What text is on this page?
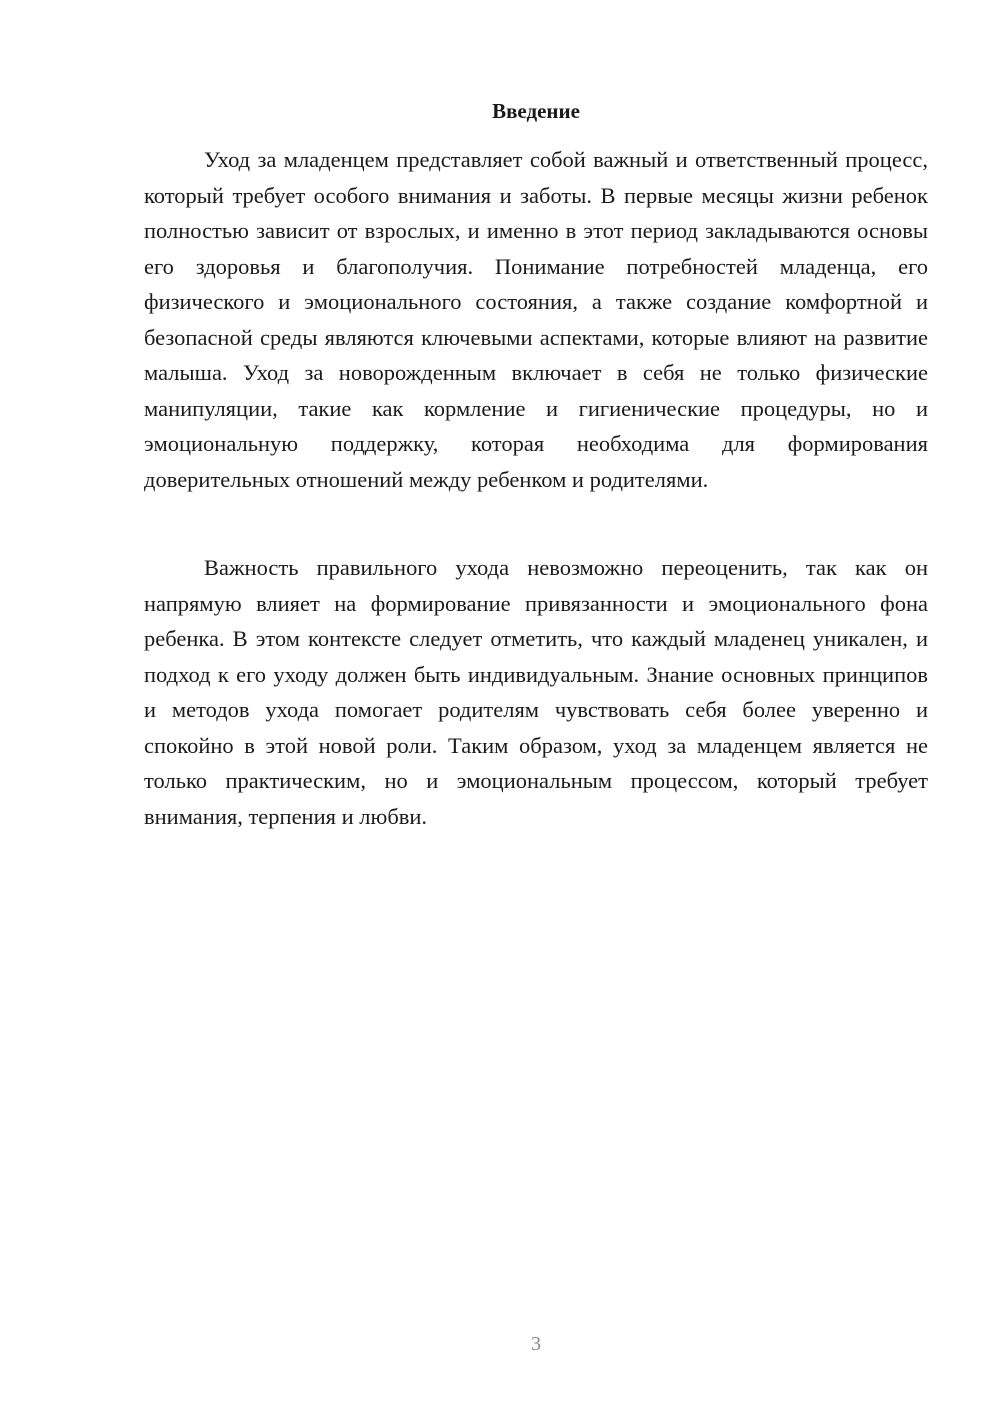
Введение

Уход за младенцем представляет собой важный и ответственный процесс, который требует особого внимания и заботы. В первые месяцы жизни ребенок полностью зависит от взрослых, и именно в этот период закладываются основы его здоровья и благополучия. Понимание потребностей младенца, его физического и эмоционального состояния, а также создание комфортной и безопасной среды являются ключевыми аспектами, которые влияют на развитие малыша. Уход за новорожденным включает в себя не только физические манипуляции, такие как кормление и гигиенические процедуры, но и эмоциональную поддержку, которая необходима для формирования доверительных отношений между ребенком и родителями.

Важность правильного ухода невозможно переоценить, так как он напрямую влияет на формирование привязанности и эмоционального фона ребенка. В этом контексте следует отметить, что каждый младенец уникален, и подход к его уходу должен быть индивидуальным. Знание основных принципов и методов ухода помогает родителям чувствовать себя более уверенно и спокойно в этой новой роли. Таким образом, уход за младенцем является не только практическим, но и эмоциональным процессом, который требует внимания, терпения и любви.

3
